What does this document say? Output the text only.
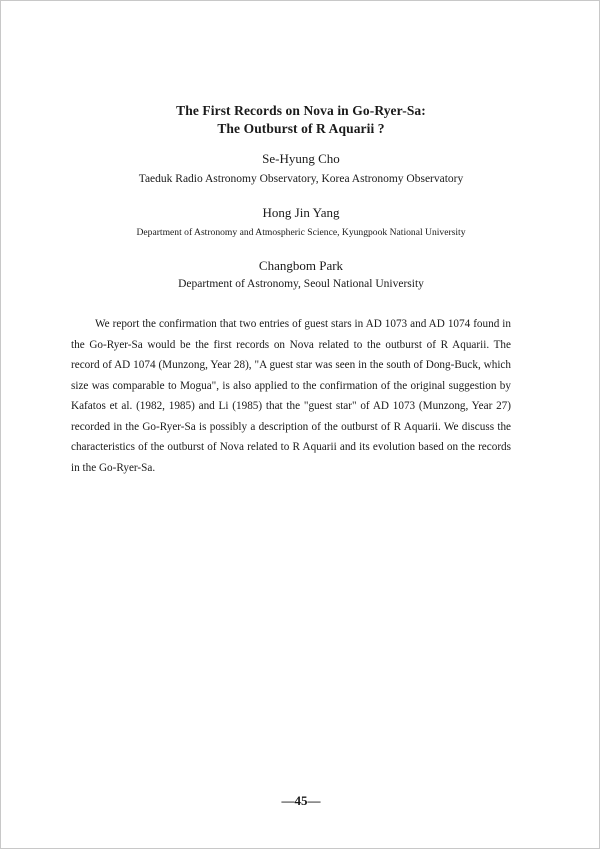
The First Records on Nova in Go-Ryer-Sa:
The Outburst of R Aquarii ?
Se-Hyung Cho
Taeduk Radio Astronomy Observatory, Korea Astronomy Observatory
Hong Jin Yang
Department of Astronomy and Atmospheric Science, Kyungpook National University
Changbom Park
Department of Astronomy, Seoul National University

We report the confirmation that two entries of guest stars in AD 1073 and AD 1074 found in the Go-Ryer-Sa would be the first records on Nova related to the outburst of R Aquarii. The record of AD 1074 (Munzong, Year 28), "A guest star was seen in the south of Dong-Buck, which size was comparable to Mogua", is also applied to the confirmation of the original suggestion by Kafatos et al. (1982, 1985) and Li (1985) that the "guest star" of AD 1073 (Munzong, Year 27) recorded in the Go-Ryer-Sa is possibly a description of the outburst of R Aquarii. We discuss the characteristics of the outburst of Nova related to R Aquarii and its evolution based on the records in the Go-Ryer-Sa.

—45—
